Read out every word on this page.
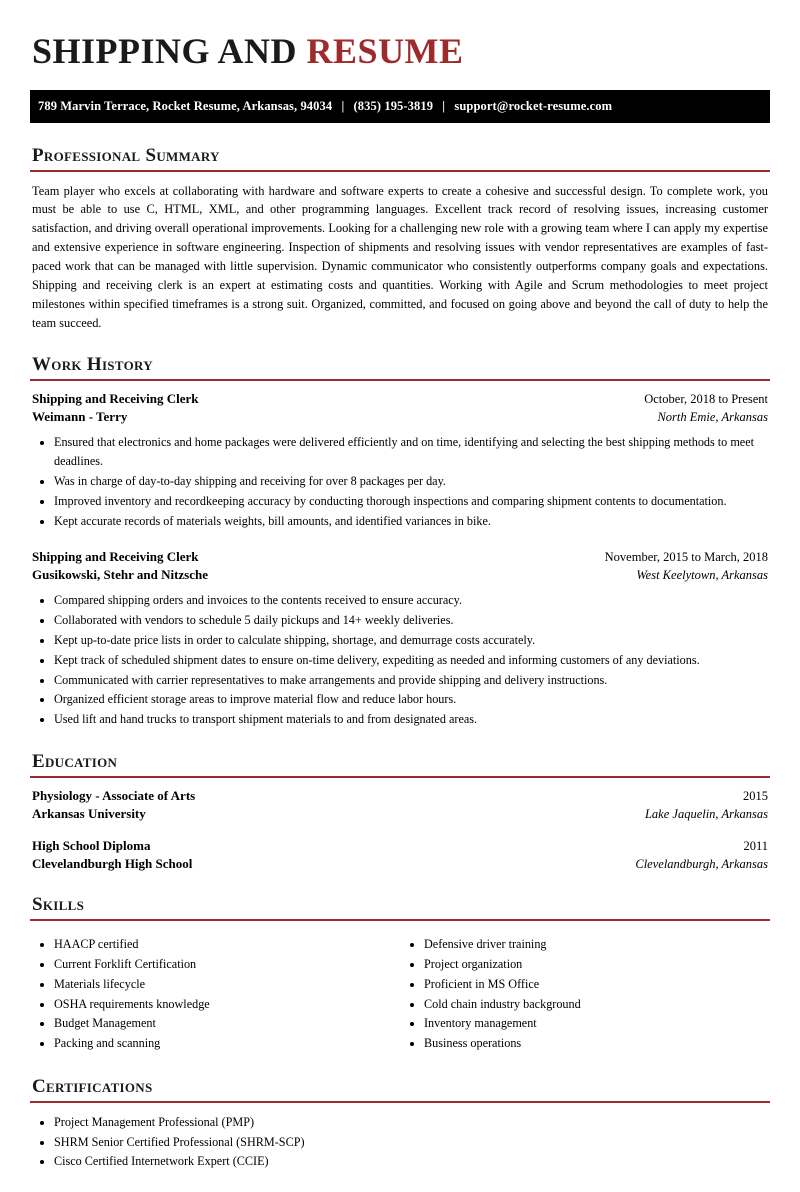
SHIPPING AND RESUME
789 Marvin Terrace, Rocket Resume, Arkansas, 94034 | (835) 195-3819 | support@rocket-resume.com
Professional Summary
Team player who excels at collaborating with hardware and software experts to create a cohesive and successful design. To complete work, you must be able to use C, HTML, XML, and other programming languages. Excellent track record of resolving issues, increasing customer satisfaction, and driving overall operational improvements. Looking for a challenging new role with a growing team where I can apply my expertise and extensive experience in software engineering. Inspection of shipments and resolving issues with vendor representatives are examples of fast-paced work that can be managed with little supervision. Dynamic communicator who consistently outperforms company goals and expectations. Shipping and receiving clerk is an expert at estimating costs and quantities. Working with Agile and Scrum methodologies to meet project milestones within specified timeframes is a strong suit. Organized, committed, and focused on going above and beyond the call of duty to help the team succeed.
Work History
Shipping and Receiving Clerk	October, 2018 to Present
Weimann - Terry	North Emie, Arkansas
• Ensured that electronics and home packages were delivered efficiently and on time, identifying and selecting the best shipping methods to meet deadlines.
• Was in charge of day-to-day shipping and receiving for over 8 packages per day.
• Improved inventory and recordkeeping accuracy by conducting thorough inspections and comparing shipment contents to documentation.
• Kept accurate records of materials weights, bill amounts, and identified variances in bike.
Shipping and Receiving Clerk	November, 2015 to March, 2018
Gusikowski, Stehr and Nitzsche	West Keelytown, Arkansas
• Compared shipping orders and invoices to the contents received to ensure accuracy.
• Collaborated with vendors to schedule 5 daily pickups and 14+ weekly deliveries.
• Kept up-to-date price lists in order to calculate shipping, shortage, and demurrage costs accurately.
• Kept track of scheduled shipment dates to ensure on-time delivery, expediting as needed and informing customers of any deviations.
• Communicated with carrier representatives to make arrangements and provide shipping and delivery instructions.
• Organized efficient storage areas to improve material flow and reduce labor hours.
• Used lift and hand trucks to transport shipment materials to and from designated areas.
Education
Physiology - Associate of Arts	2015
Arkansas University	Lake Jaquelin, Arkansas
High School Diploma	2011
Clevelandburgh High School	Clevelandburgh, Arkansas
Skills
• HAACP certified
• Current Forklift Certification
• Materials lifecycle
• OSHA requirements knowledge
• Budget Management
• Packing and scanning
• Defensive driver training
• Project organization
• Proficient in MS Office
• Cold chain industry background
• Inventory management
• Business operations
Certifications
• Project Management Professional (PMP)
• SHRM Senior Certified Professional (SHRM-SCP)
• Cisco Certified Internetwork Expert (CCIE)
